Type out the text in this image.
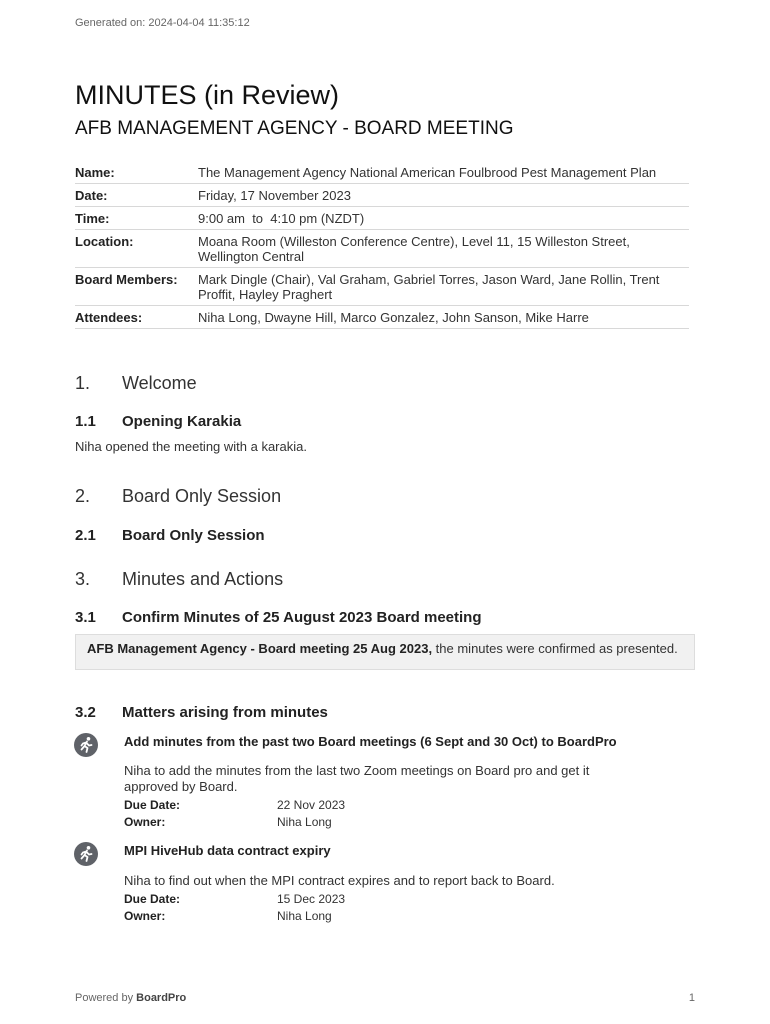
Generated on: 2024-04-04 11:35:12
MINUTES (in Review)
AFB MANAGEMENT AGENCY - BOARD MEETING
Name:	The Management Agency National American Foulbrood Pest Management Plan
Date:	Friday, 17 November 2023
Time:	9:00 am  to  4:10 pm (NZDT)
Location:	Moana Room (Willeston Conference Centre), Level 11, 15 Willeston Street, Wellington Central
Board Members:	Mark Dingle (Chair), Val Graham, Gabriel Torres, Jason Ward, Jane Rollin, Trent Proffit, Hayley Praghert
Attendees:	Niha Long, Dwayne Hill, Marco Gonzalez, John Sanson, Mike Harre
1. Welcome
1.1 Opening Karakia
Niha opened the meeting with a karakia.
2. Board Only Session
2.1 Board Only Session
3. Minutes and Actions
3.1 Confirm Minutes of 25 August 2023 Board meeting
AFB Management Agency - Board meeting 25 Aug 2023, the minutes were confirmed as presented.
3.2 Matters arising from minutes
Add minutes from the past two Board meetings (6 Sept and 30 Oct) to BoardPro
Niha to add the minutes from the last two Zoom meetings on Board pro and get it approved by Board.
Due Date:	22 Nov 2023
Owner:	Niha Long
MPI HiveHub data contract expiry
Niha to find out when the MPI contract expires and to report back to Board.
Due Date:	15 Dec 2023
Owner:	Niha Long
Powered by BoardPro	1
